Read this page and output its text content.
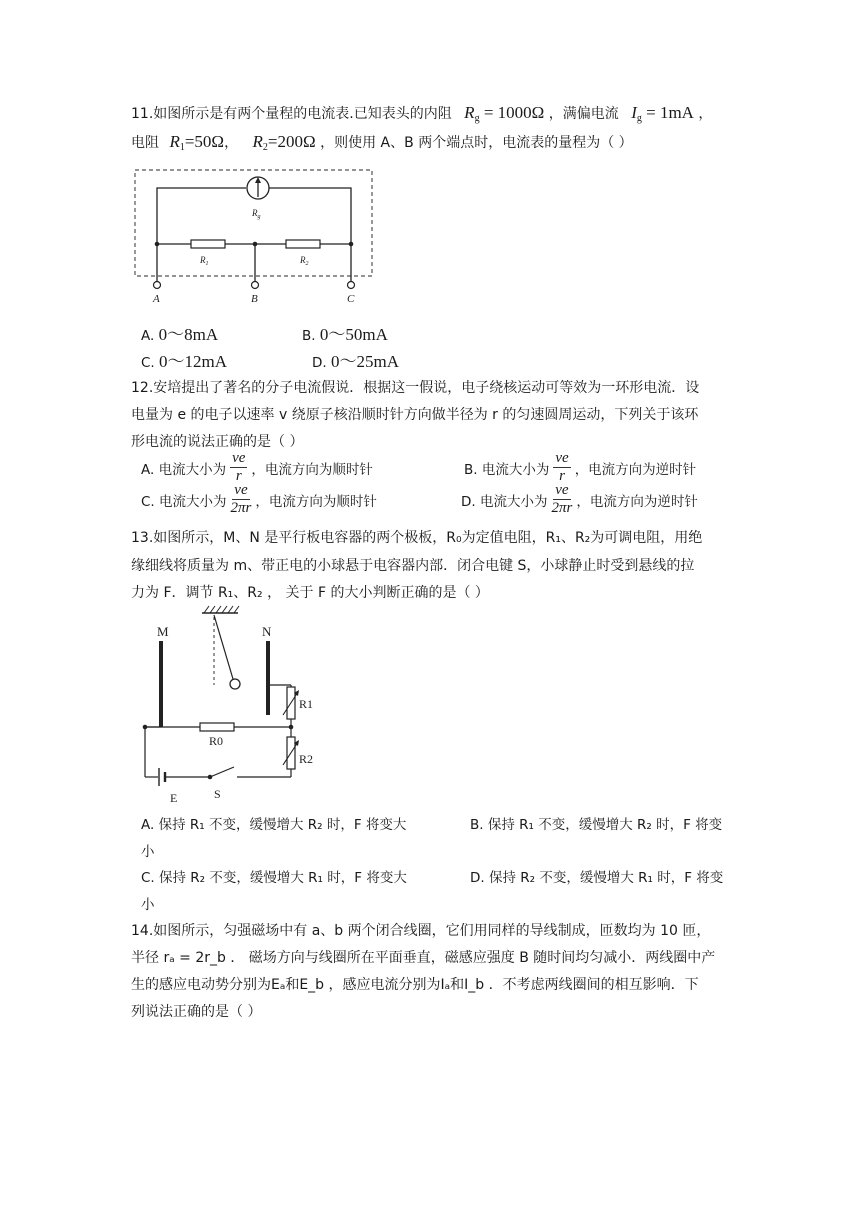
11.如图所示是有两个量程的电流表.已知表头的内阻 $R_g = 1000\Omega$ ，满偏电流 $I_g = 1mA$ ，
电阻 $R_1=50\Omega$， $R_2=200\Omega$ ，则使用 A、B 两个端点时，电流表的量程为（ ）
$R_g$
$R_1$	$R_2$
A	B	C
A. 0～8mA	B. 0～50mA
C. 0～12mA	D. 0～25mA
12.安培提出了著名的分子电流假说．根据这一假说，电子绕核运动可等效为一环形电流．设
电量为 e 的电子以速率 v 绕原子核沿顺时针方向做半径为 r 的匀速圆周运动，下列关于该环
形电流的说法正确的是（ ）
A. 电流大小为 $\frac{ve}{r}$ ，电流方向为顺时针	B. 电流大小为 $\frac{ve}{r}$ ，电流方向为逆时针
C. 电流大小为 $\frac{ve}{2\pi r}$ ，电流方向为顺时针	D. 电流大小为 $\frac{ve}{2\pi r}$ ，电流方向为逆时针
13.如图所示，M、N 是平行板电容器的两个极板，R₀为定值电阻，R₁、R₂为可调电阻，用绝
缘细线将质量为 m、带正电的小球悬于电容器内部．闭合电键 S，小球静止时受到悬线的拉
力为 F．调节 R₁、R₂ ， 关于 F 的大小判断正确的是（ ）
M	N
R0
R1
R2
E	S
A. 保持 R₁ 不变，缓慢增大 R₂ 时，F 将变大	B. 保持 R₁ 不变，缓慢增大 R₂ 时，F 将变
小
C. 保持 R₂ 不变，缓慢增大 R₁ 时，F 将变大	D. 保持 R₂ 不变，缓慢增大 R₁ 时，F 将变
小
14.如图所示，匀强磁场中有 a、b 两个闭合线圈，它们用同样的导线制成，匝数均为 10 匝，
半径 rₐ = 2r_b ． 磁场方向与线圈所在平面垂直，磁感应强度 B 随时间均匀减小．两线圈中产
生的感应电动势分别为Eₐ和E_b ，感应电流分别为Iₐ和I_b ．不考虑两线圈间的相互影响．下
列说法正确的是（ ）
